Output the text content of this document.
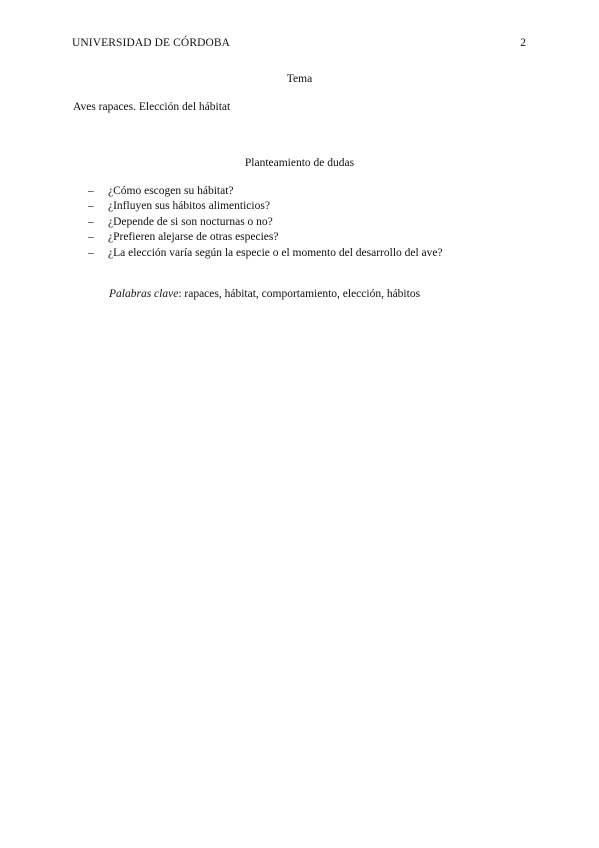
UNIVERSIDAD DE CÓRDOBA	2
Tema
Aves rapaces. Elección del hábitat
Planteamiento de dudas
– ¿Cómo escogen su hábitat?
– ¿Influyen sus hábitos alimenticios?
– ¿Depende de si son nocturnas o no?
– ¿Prefieren alejarse de otras especies?
– ¿La elección varía según la especie o el momento del desarrollo del ave?
Palabras clave: rapaces, hábitat, comportamiento, elección, hábitos
